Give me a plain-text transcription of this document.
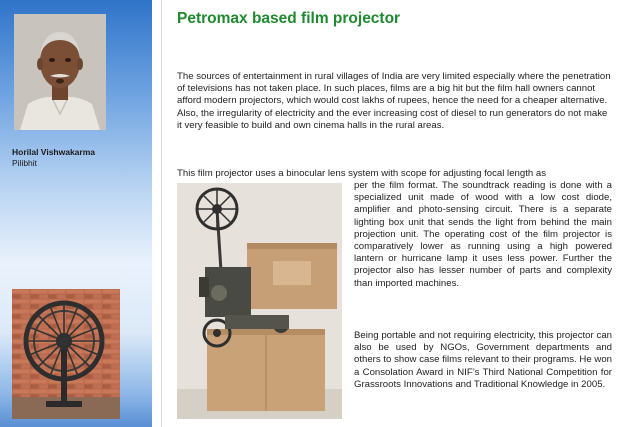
Horilal Vishwakarma
Pilibhit
Petromax based film projector
The sources of entertainment in rural villages of India are very limited especially where the penetration of televisions has not taken place. In such places, films are a big hit but the film hall owners cannot afford modern projectors, which would cost lakhs of rupees, hence the need for a cheaper alternative. Also, the irregularity of electricity and the ever increasing cost of diesel to run generators do not make it very feasible to build and own cinema halls in the rural areas.
This film projector uses a binocular lens system with scope for adjusting focal length as
per the film format. The soundtrack reading is done with a specialized unit made of wood with a low cost diode, amplifier and photo-sensing circuit. There is a separate lighting box unit that sends the light from behind the main projection unit. The operating cost of the film projector is comparatively lower as running using a high powered lantern or hurricane lamp it uses less power. Further the projector also has lesser number of parts and complexity than imported machines.
Being portable and not requiring electricity, this projector can also be used by NGOs, Government departments and others to show case films relevant to their programs. He won a Consolation Award in NIF’s Third National Competition for Grassroots Innovations and Traditional Knowledge in 2005.
